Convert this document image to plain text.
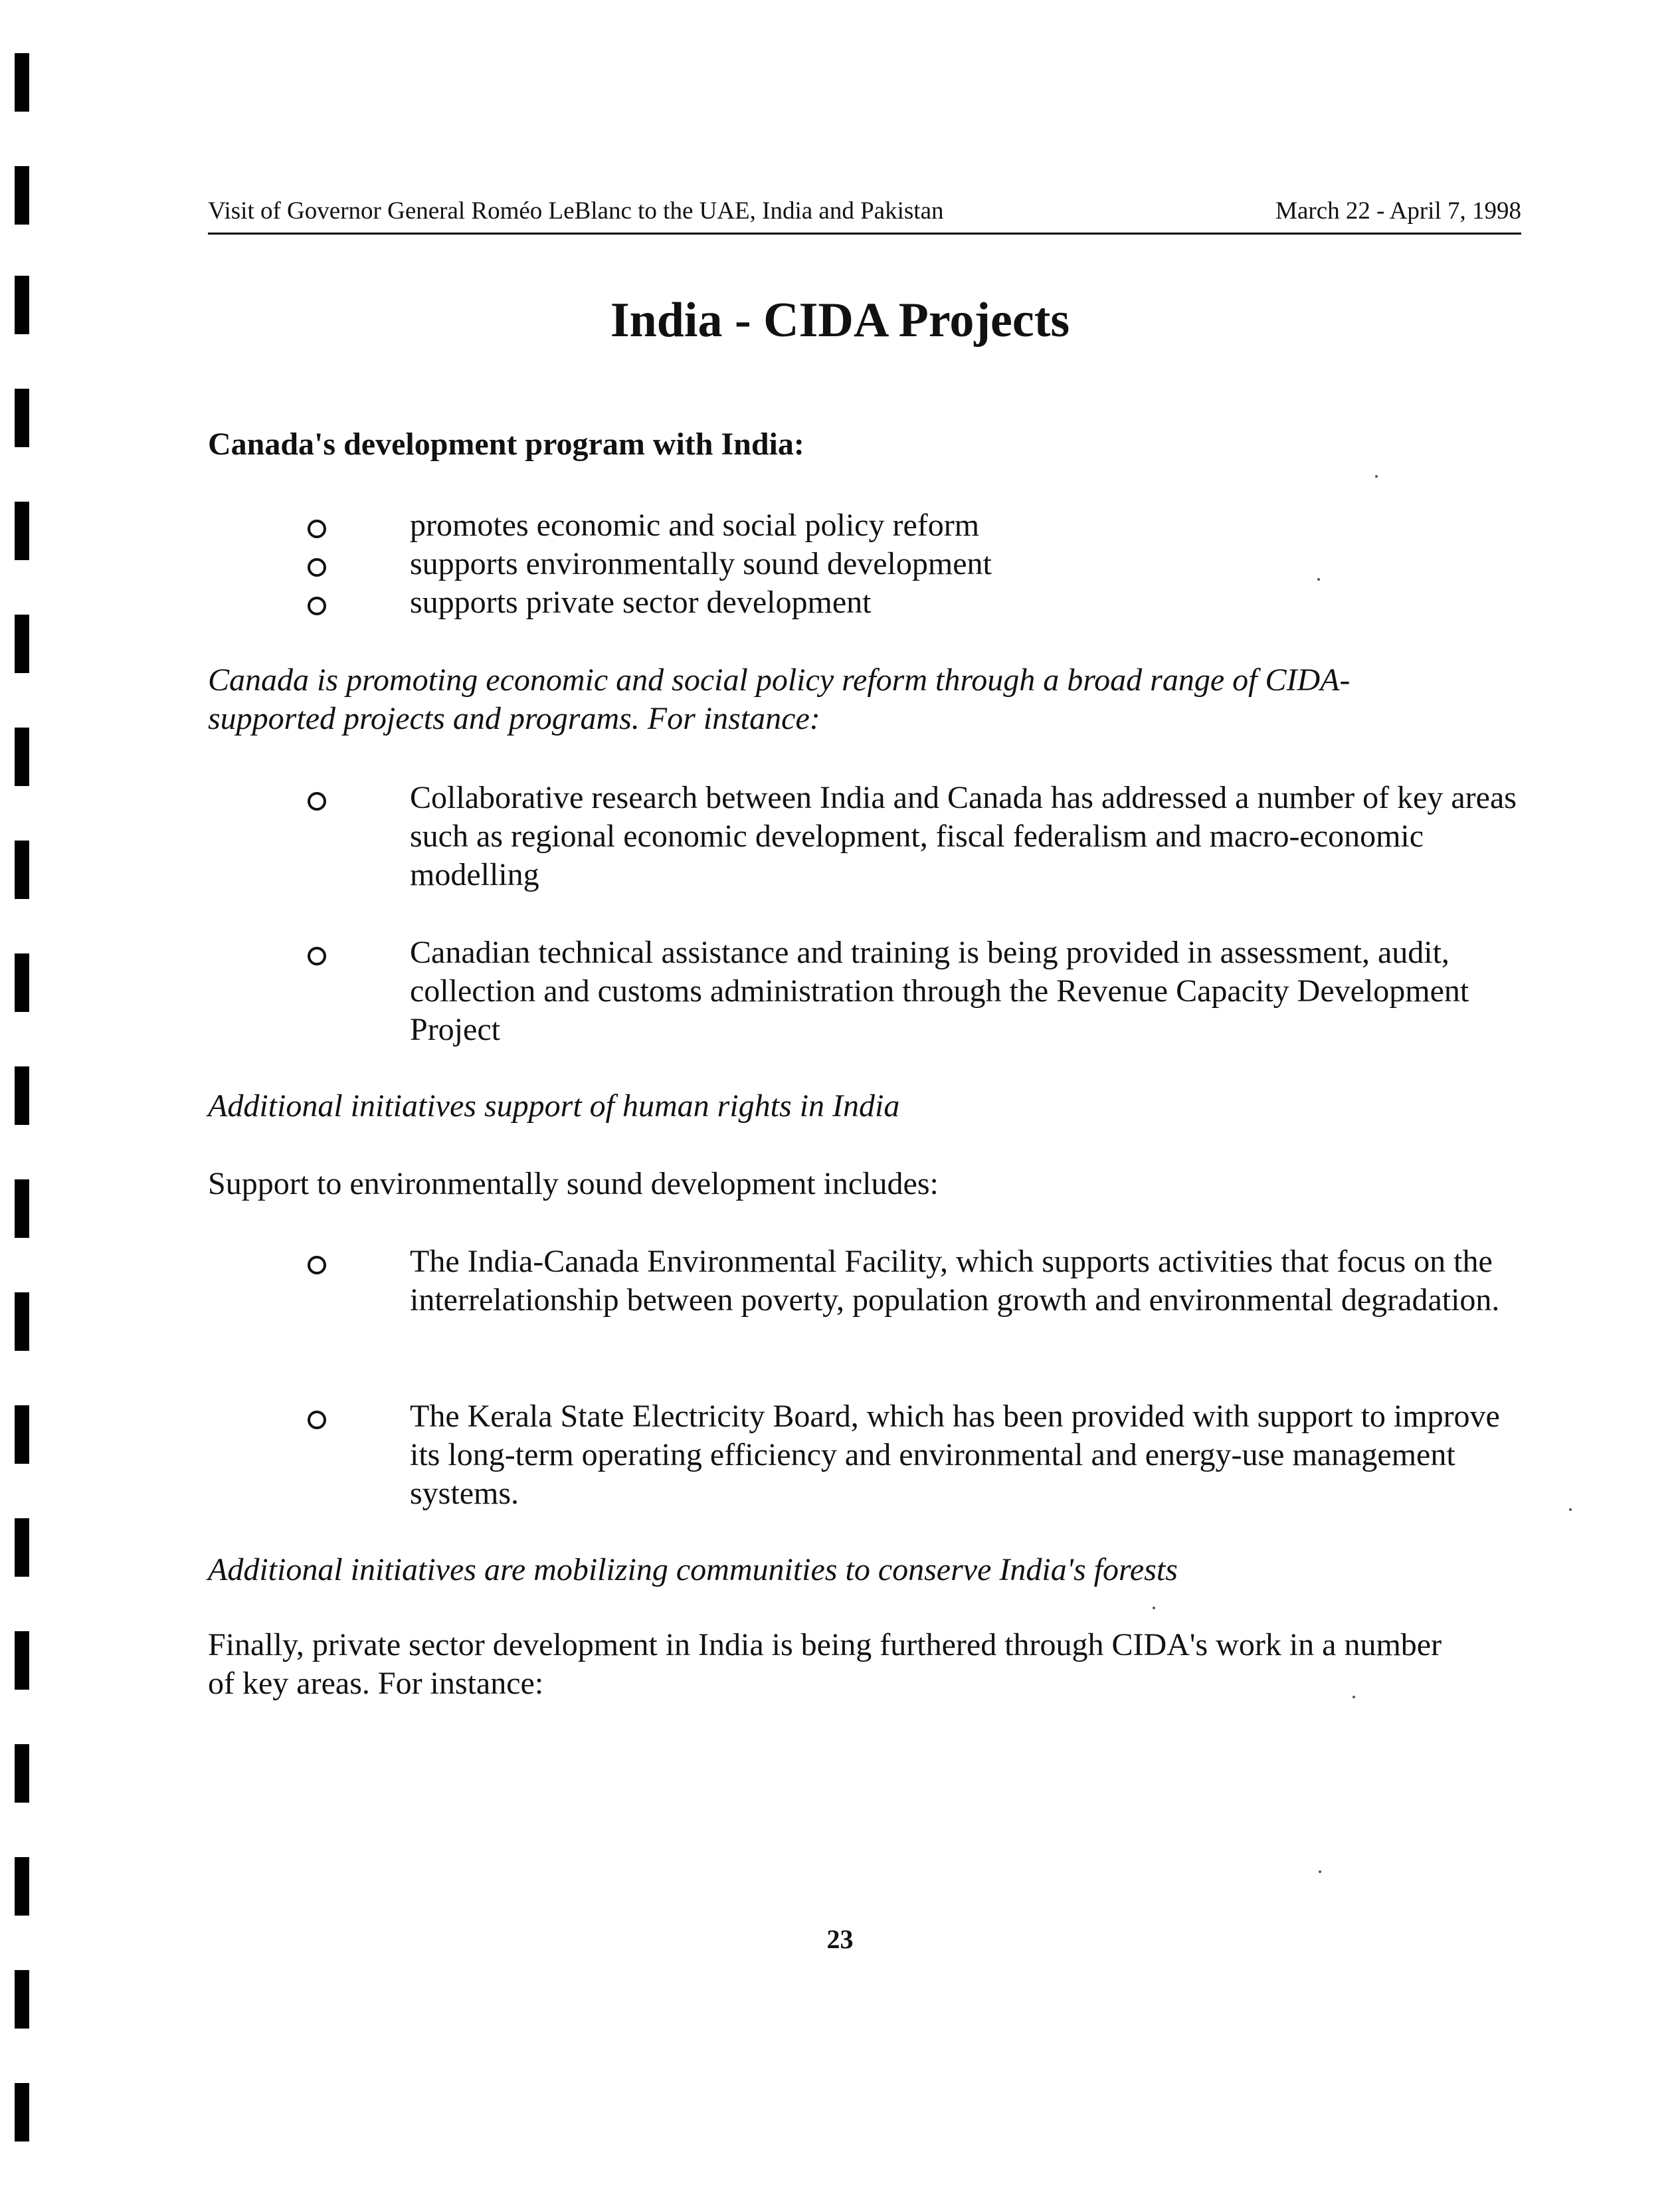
Visit of Governor General Roméo LeBlanc to the UAE, India and Pakistan	March 22 - April 7, 1998
India - CIDA Projects
Canada's development program with India:
promotes economic and social policy reform
supports environmentally sound development
supports private sector development
Canada is promoting economic and social policy reform through a broad range of CIDA-supported projects and programs. For instance:
Collaborative research between India and Canada has addressed a number of key areas such as regional economic development, fiscal federalism and macro-economic modelling
Canadian technical assistance and training is being provided in assessment, audit, collection and customs administration through the Revenue Capacity Development Project
Additional initiatives support of human rights in India
Support to environmentally sound development includes:
The India-Canada Environmental Facility, which supports activities that focus on the interrelationship between poverty, population growth and environmental degradation.
The Kerala State Electricity Board, which has been provided with support to improve its long-term operating efficiency and environmental and energy-use management systems.
Additional initiatives are mobilizing communities to conserve India's forests
Finally, private sector development in India is being furthered through CIDA's work in a number of key areas. For instance:
23
